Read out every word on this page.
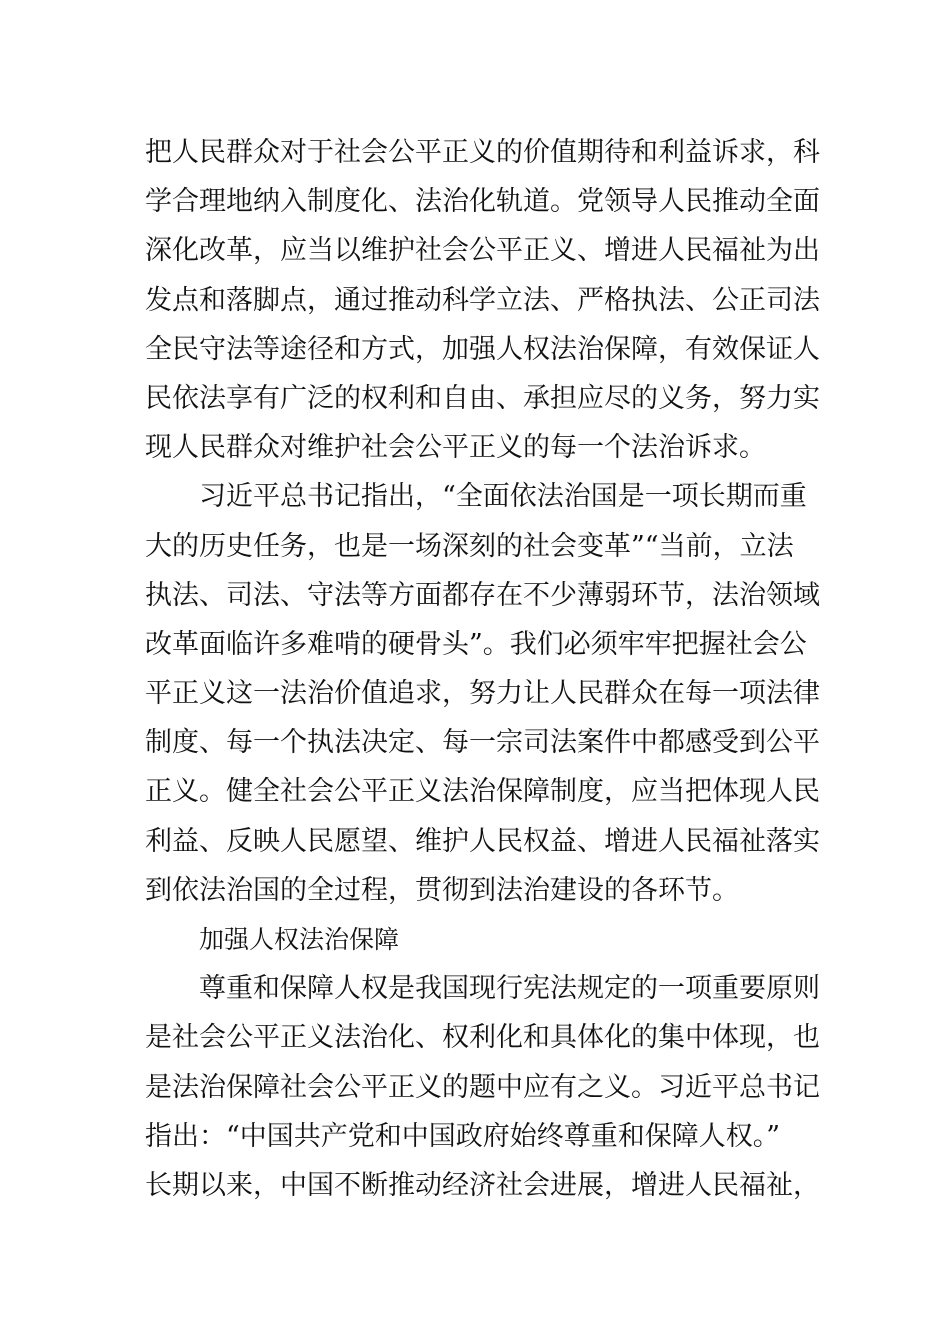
把人民群众对于社会公平正义的价值期待和利益诉求，科
学合理地纳入制度化、法治化轨道。党领导人民推动全面
深化改革，应当以维护社会公平正义、增进人民福祉为出
发点和落脚点，通过推动科学立法、严格执法、公正司法
全民守法等途径和方式，加强人权法治保障，有效保证人
民依法享有广泛的权利和自由、承担应尽的义务，努力实
现人民群众对维护社会公平正义的每一个法治诉求。
习近平总书记指出，“全面依法治国是一项长期而重
大的历史任务，也是一场深刻的社会变革”“当前，立法
执法、司法、守法等方面都存在不少薄弱环节，法治领域
改革面临许多难啃的硬骨头”。我们必须牢牢把握社会公
平正义这一法治价值追求，努力让人民群众在每一项法律
制度、每一个执法决定、每一宗司法案件中都感受到公平
正义。健全社会公平正义法治保障制度，应当把体现人民
利益、反映人民愿望、维护人民权益、增进人民福祉落实
到依法治国的全过程，贯彻到法治建设的各环节。
加强人权法治保障
尊重和保障人权是我国现行宪法规定的一项重要原则
是社会公平正义法治化、权利化和具体化的集中体现，也
是法治保障社会公平正义的题中应有之义。习近平总书记
指出：“中国共产党和中国政府始终尊重和保障人权。”
长期以来，中国不断推动经济社会进展，增进人民福祉，
